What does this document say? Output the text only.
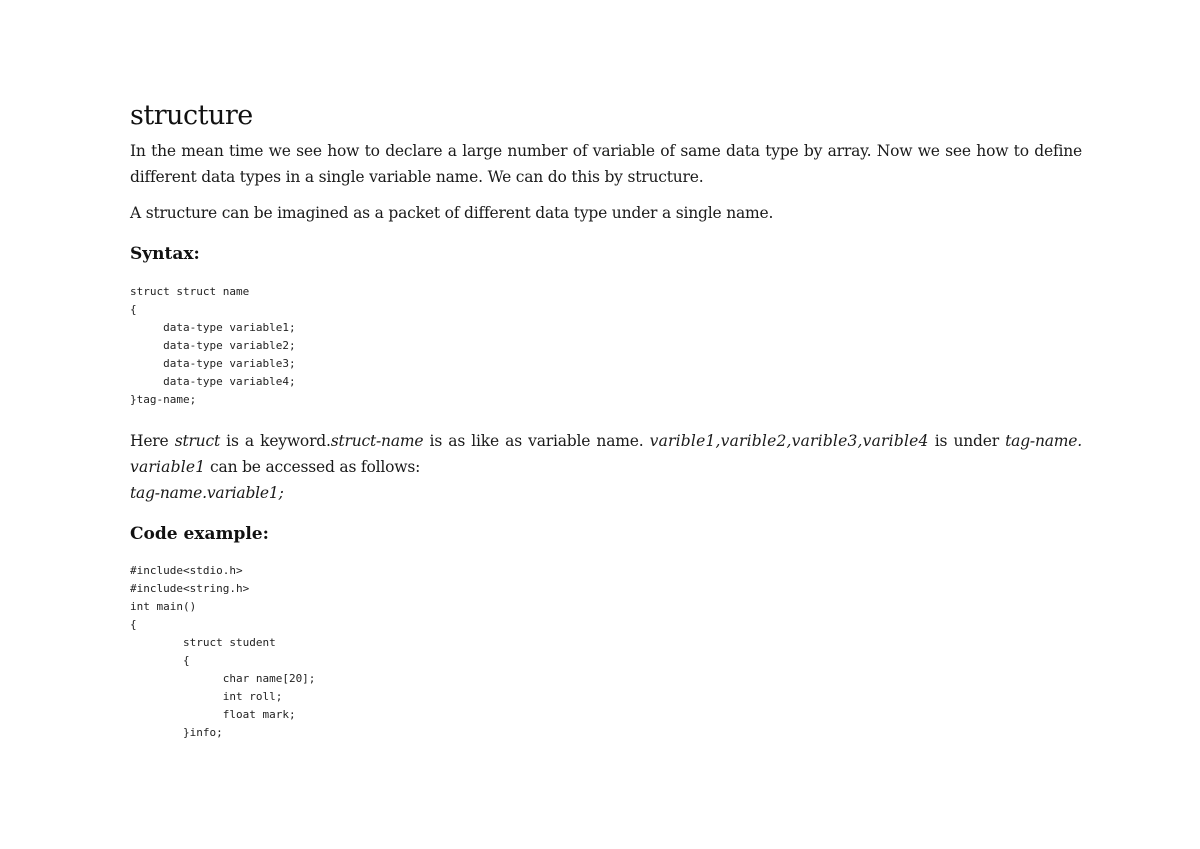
structure

In the mean time we see how to declare a large number of variable of same data type by array. Now we see how to define different data types in a single variable name. We can do this by structure.

A structure can be imagined as a packet of different data type under a single name.

Syntax:
struct struct name
{
data-type variable1;
data-type variable2;
data-type variable3;
data-type variable4;
}tag-name;

Here struct is a keyword.struct-name is as like as variable name. varible1,varible2,varible3,varible4 is under tag-name. variable1 can be accessed as follows:
tag-name.variable1;

Code example:
#include<stdio.h>
#include<string.h>
int main()
{
struct student
{
char name[20];
int roll;
float mark;
}info;
